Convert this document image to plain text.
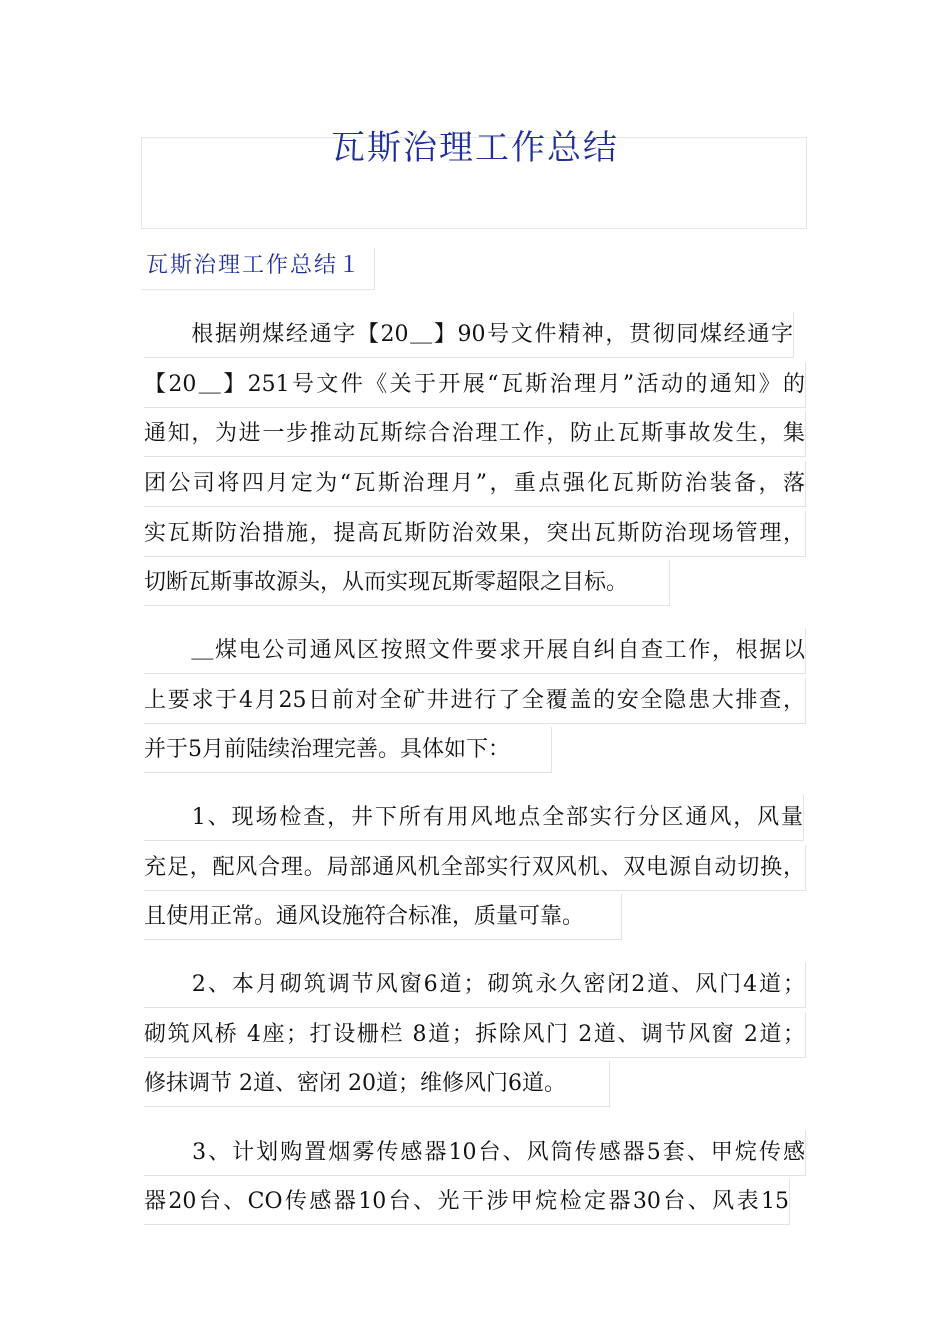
瓦斯治理工作总结
瓦斯治理工作总结１
　　根据朔煤经通字【20＿】90号文件精神，贯彻同煤经通字
【20＿】251号文件《关于开展“瓦斯治理月”活动的通知》的
通知，为进一步推动瓦斯综合治理工作，防止瓦斯事故发生，集
团公司将四月定为“瓦斯治理月”，重点强化瓦斯防治装备，落
实瓦斯防治措施，提高瓦斯防治效果，突出瓦斯防治现场管理，
切断瓦斯事故源头，从而实现瓦斯零超限之目标。
　　＿煤电公司通风区按照文件要求开展自纠自查工作，根据以
上要求于4月25日前对全矿井进行了全覆盖的安全隐患大排查，
并于5月前陆续治理完善。具体如下：
　　1、现场检查，井下所有用风地点全部实行分区通风，风量
充足，配风合理。局部通风机全部实行双风机、双电源自动切换，
且使用正常。通风设施符合标准，质量可靠。
　　2、本月砌筑调节风窗6道；砌筑永久密闭2道、风门4道；
砌筑风桥 4座；打设栅栏 8道；拆除风门 2道、调节风窗 2道；
修抹调节 2道、密闭 20道；维修风门6道。
　　3、计划购置烟雾传感器10台、风筒传感器5套、甲烷传感
器20台、CO传感器10台、光干涉甲烷检定器30台、风表15
